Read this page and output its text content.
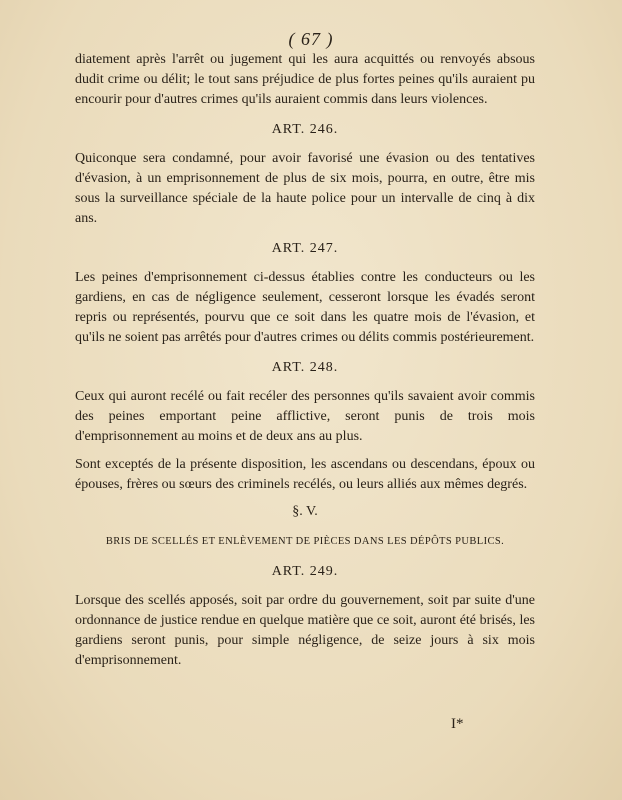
( 67 )

diatement après l'arrêt ou jugement qui les aura acquittés ou renvoyés absous dudit crime ou délit; le tout sans préjudice de plus fortes peines qu'ils auraient pu encourir pour d'autres crimes qu'ils auraient commis dans leurs violences.

ART. 246.

Quiconque sera condamné, pour avoir favorisé une évasion ou des tentatives d'évasion, à un emprisonnement de plus de six mois, pourra, en outre, être mis sous la surveillance spéciale de la haute police pour un intervalle de cinq à dix ans.

ART. 247.

Les peines d'emprisonnement ci-dessus établies contre les conducteurs ou les gardiens, en cas de négligence seulement, cesseront lorsque les évadés seront repris ou représentés, pourvu que ce soit dans les quatre mois de l'évasion, et qu'ils ne soient pas arrêtés pour d'autres crimes ou délits commis postérieurement.

ART. 248.

Ceux qui auront recélé ou fait recéler des personnes qu'ils savaient avoir commis des peines emportant peine afflictive, seront punis de trois mois d'emprisonnement au moins et de deux ans au plus.

Sont exceptés de la présente disposition, les ascendans ou descendans, époux ou épouses, frères ou sœurs des criminels recélés, ou leurs alliés aux mêmes degrés.

§. V.
BRIS DE SCELLÉS ET ENLÈVEMENT DE PIÈCES DANS LES DÉPÔTS PUBLICS.
ART. 249.

Lorsque des scellés apposés, soit par ordre du gouvernement, soit par suite d'une ordonnance de justice rendue en quelque matière que ce soit, auront été brisés, les gardiens seront punis, pour simple négligence, de seize jours à six mois d'emprisonnement.

I*
